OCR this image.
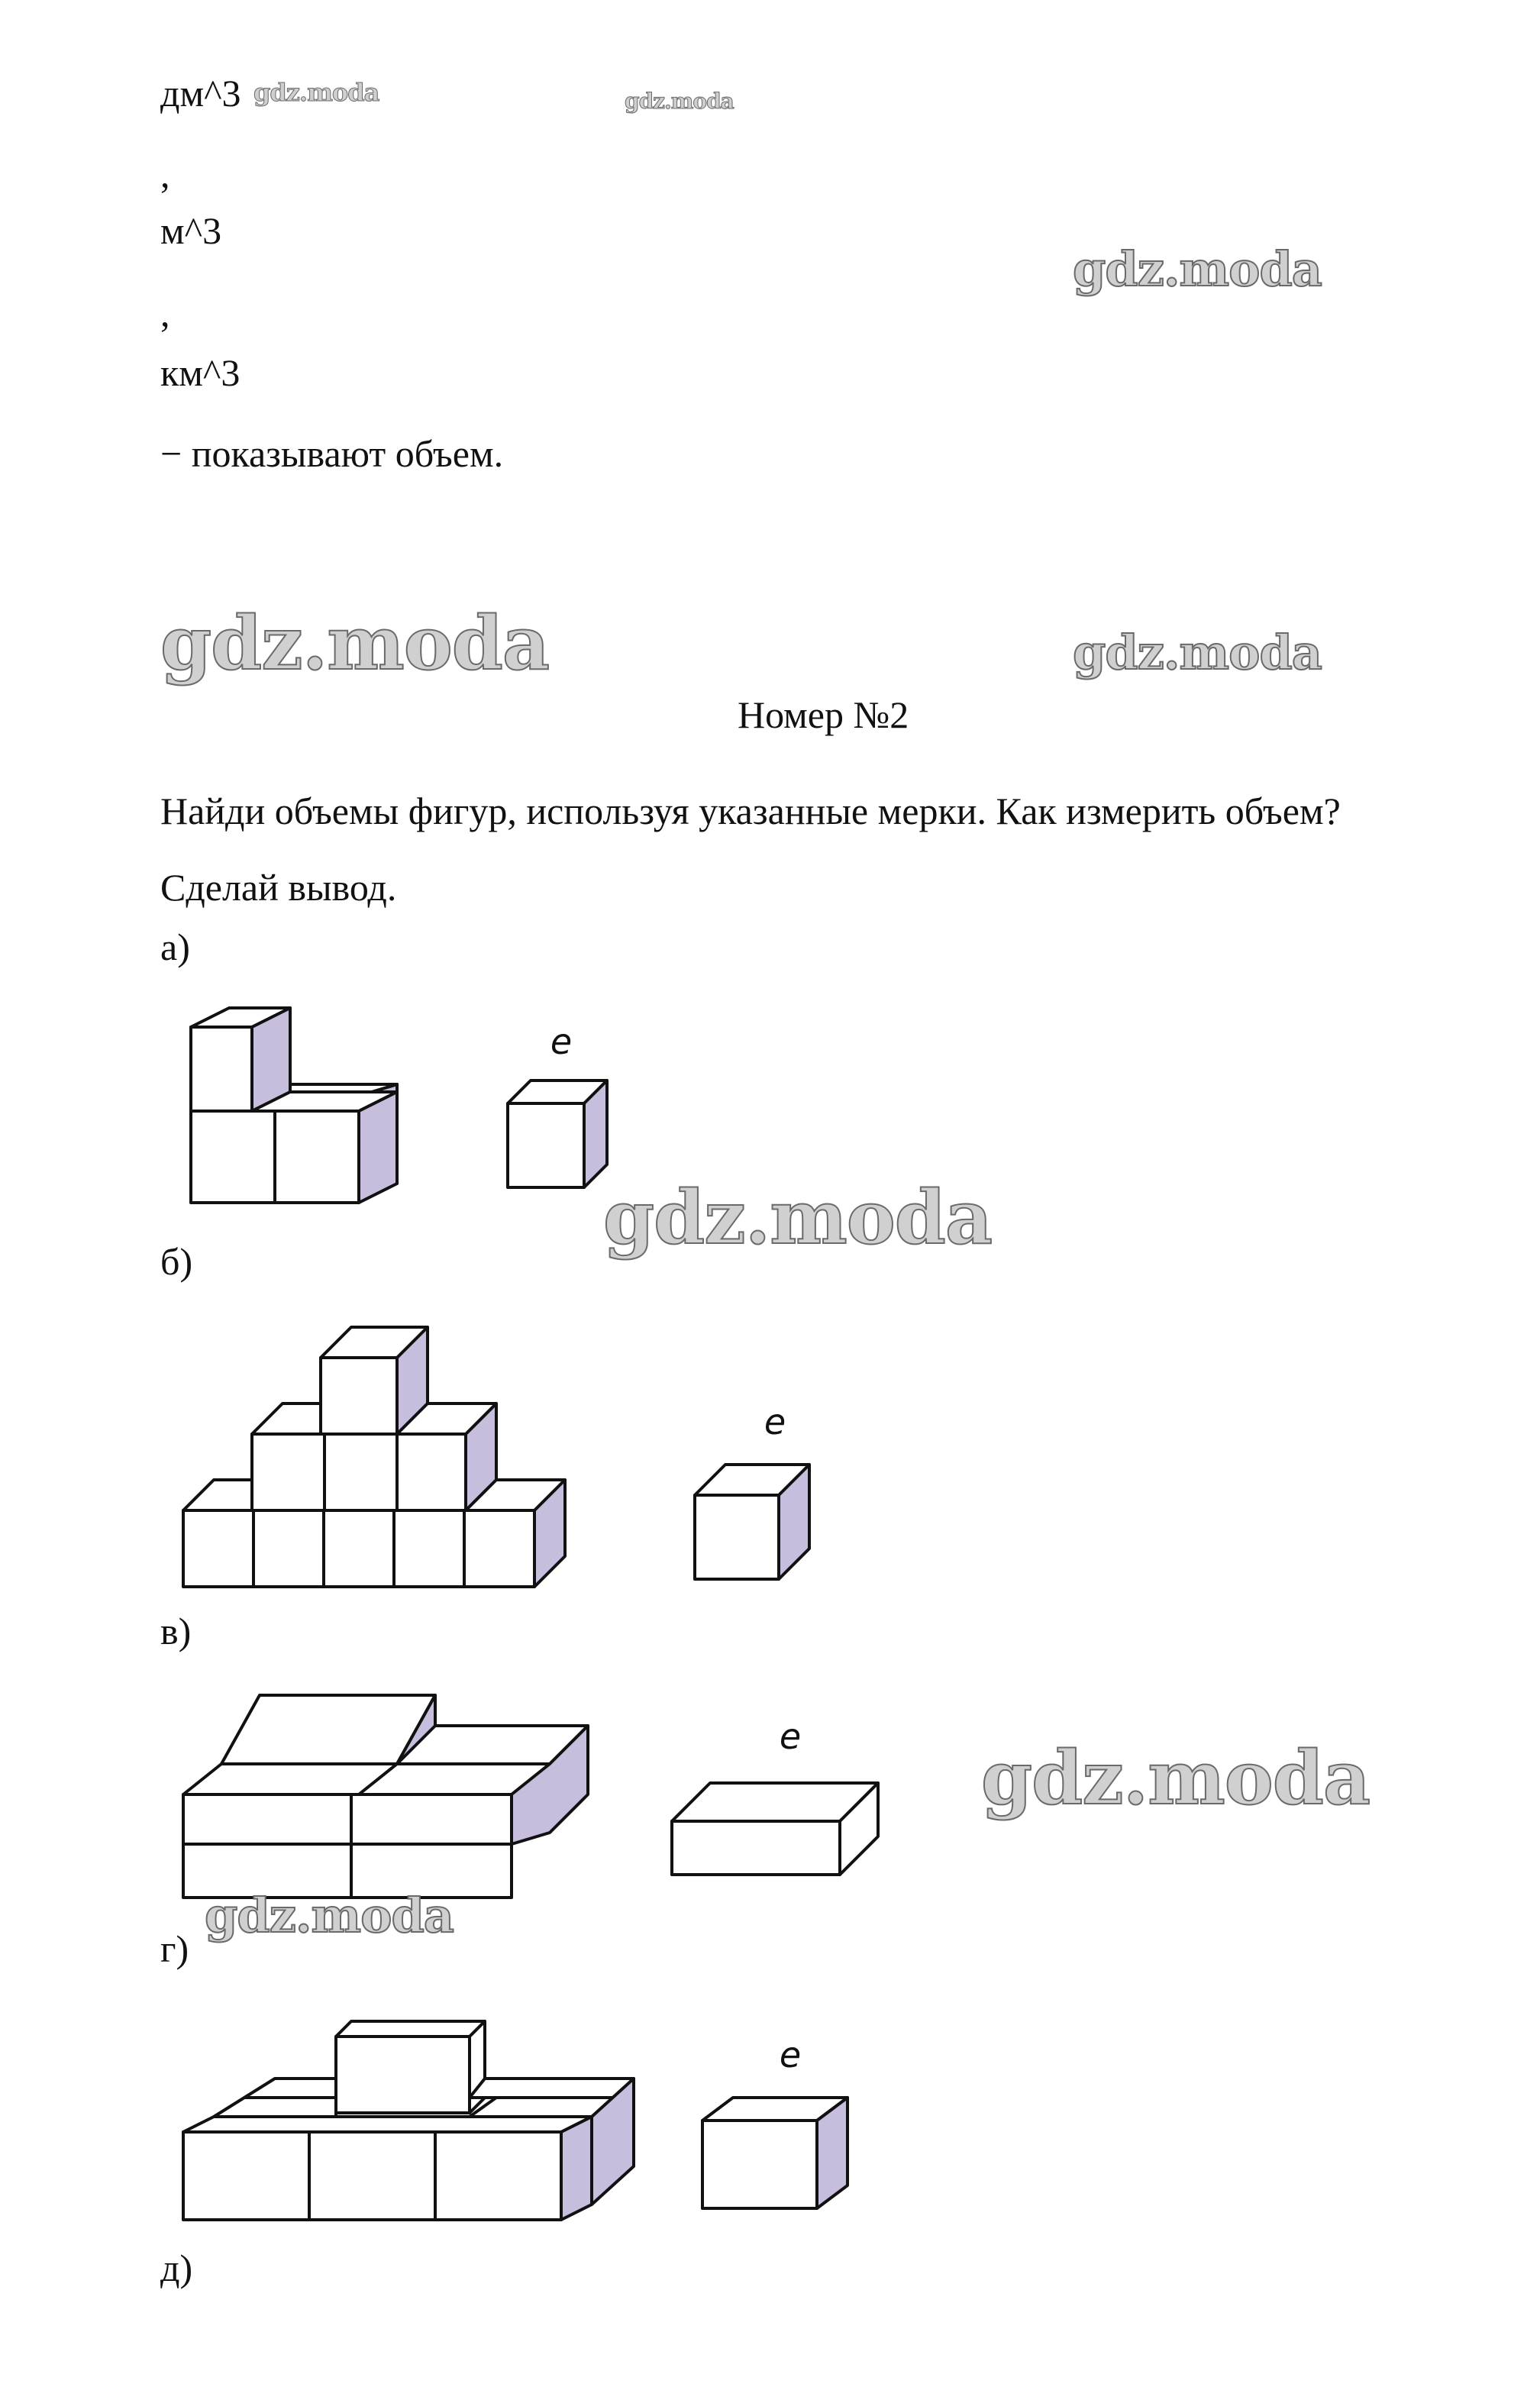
дм^3 gdz.moda	gdz.moda
,
м^3
gdz.moda
,
км^3
− показывают объем.
gdz.moda	gdz.moda
Номер №2
Найди объемы фигур, используя указанные мерки. Как измерить объем? Сделай вывод.
а)
e
gdz.moda
б)
e
в)
e gdz.moda
gdz.moda
г)
e
д)
